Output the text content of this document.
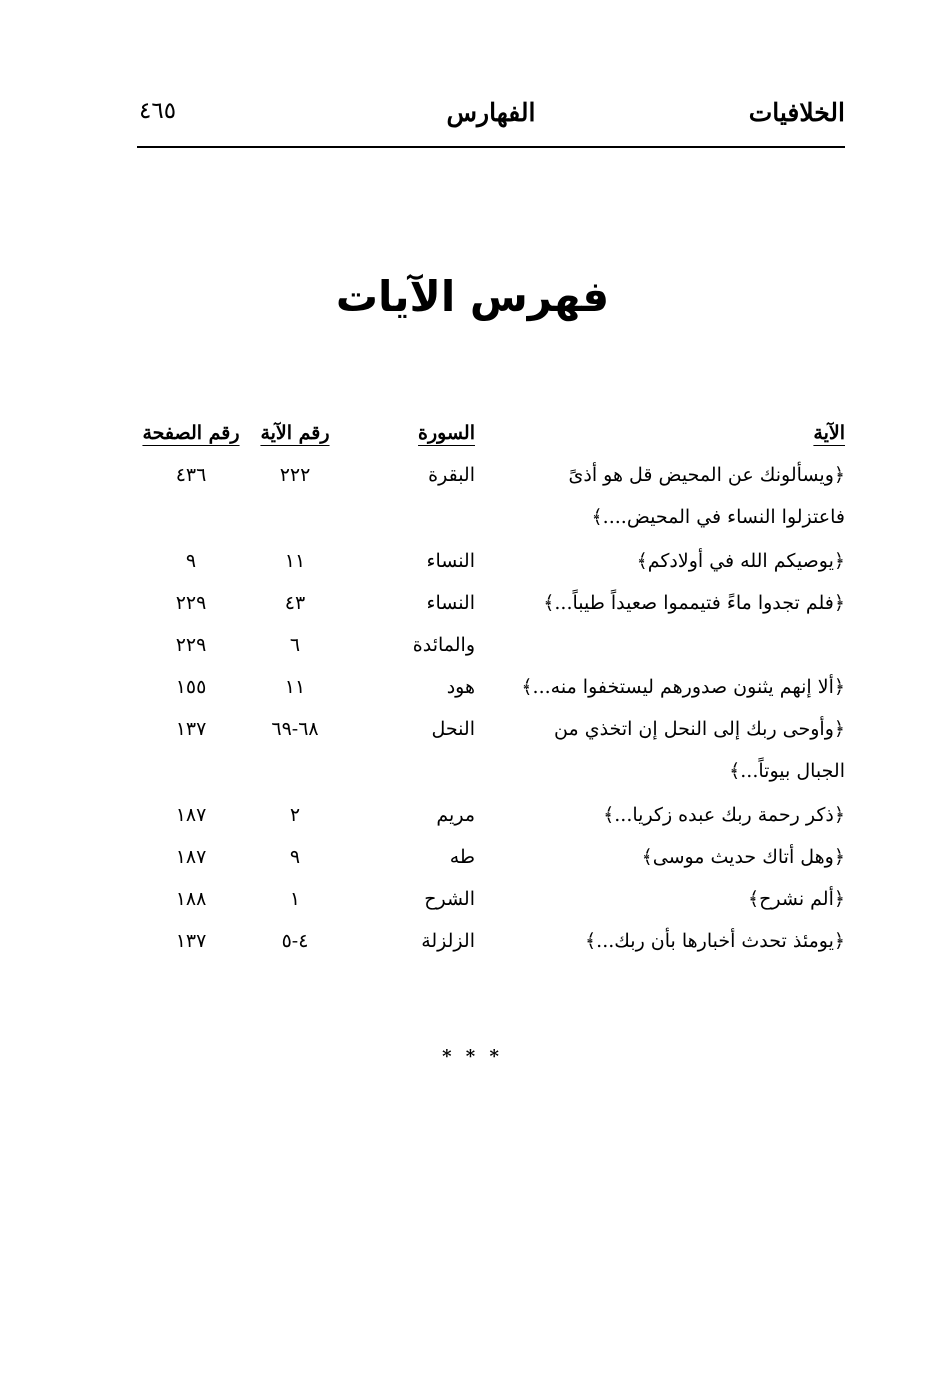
الخلافيات
الفهارس
٤٦٥
فهرس الآيات
الآية
السورة
رقم الآية
رقم الصفحة
﴿ويسألونك عن المحيض قل هو أذىً فاعتزلوا النساء في المحيض....﴾
البقرة
٢٢٢
٤٣٦
﴿يوصيكم الله في أولادكم﴾
النساء
١١
٩
﴿فلم تجدوا ماءً فتيمموا صعيداً طيباً...﴾
النساء
٤٣
٢٢٩
والمائدة
٦
٢٢٩
﴿ألا إنهم يثنون صدورهم ليستخفوا منه...﴾
هود
١١
١٥٥
﴿وأوحى ربك إلى النحل إن اتخذي من الجبال بيوتاً...﴾
النحل
٦٨-٦٩
١٣٧
﴿ذكر رحمة ربك عبده زكريا...﴾
مريم
٢
١٨٧
﴿وهل أتاك حديث موسى﴾
طه
٩
١٨٧
﴿ألم نشرح﴾
الشرح
١
١٨٨
﴿يومئذ تحدث أخبارها بأن ربك...﴾
الزلزلة
٤-٥
١٣٧
* * *
